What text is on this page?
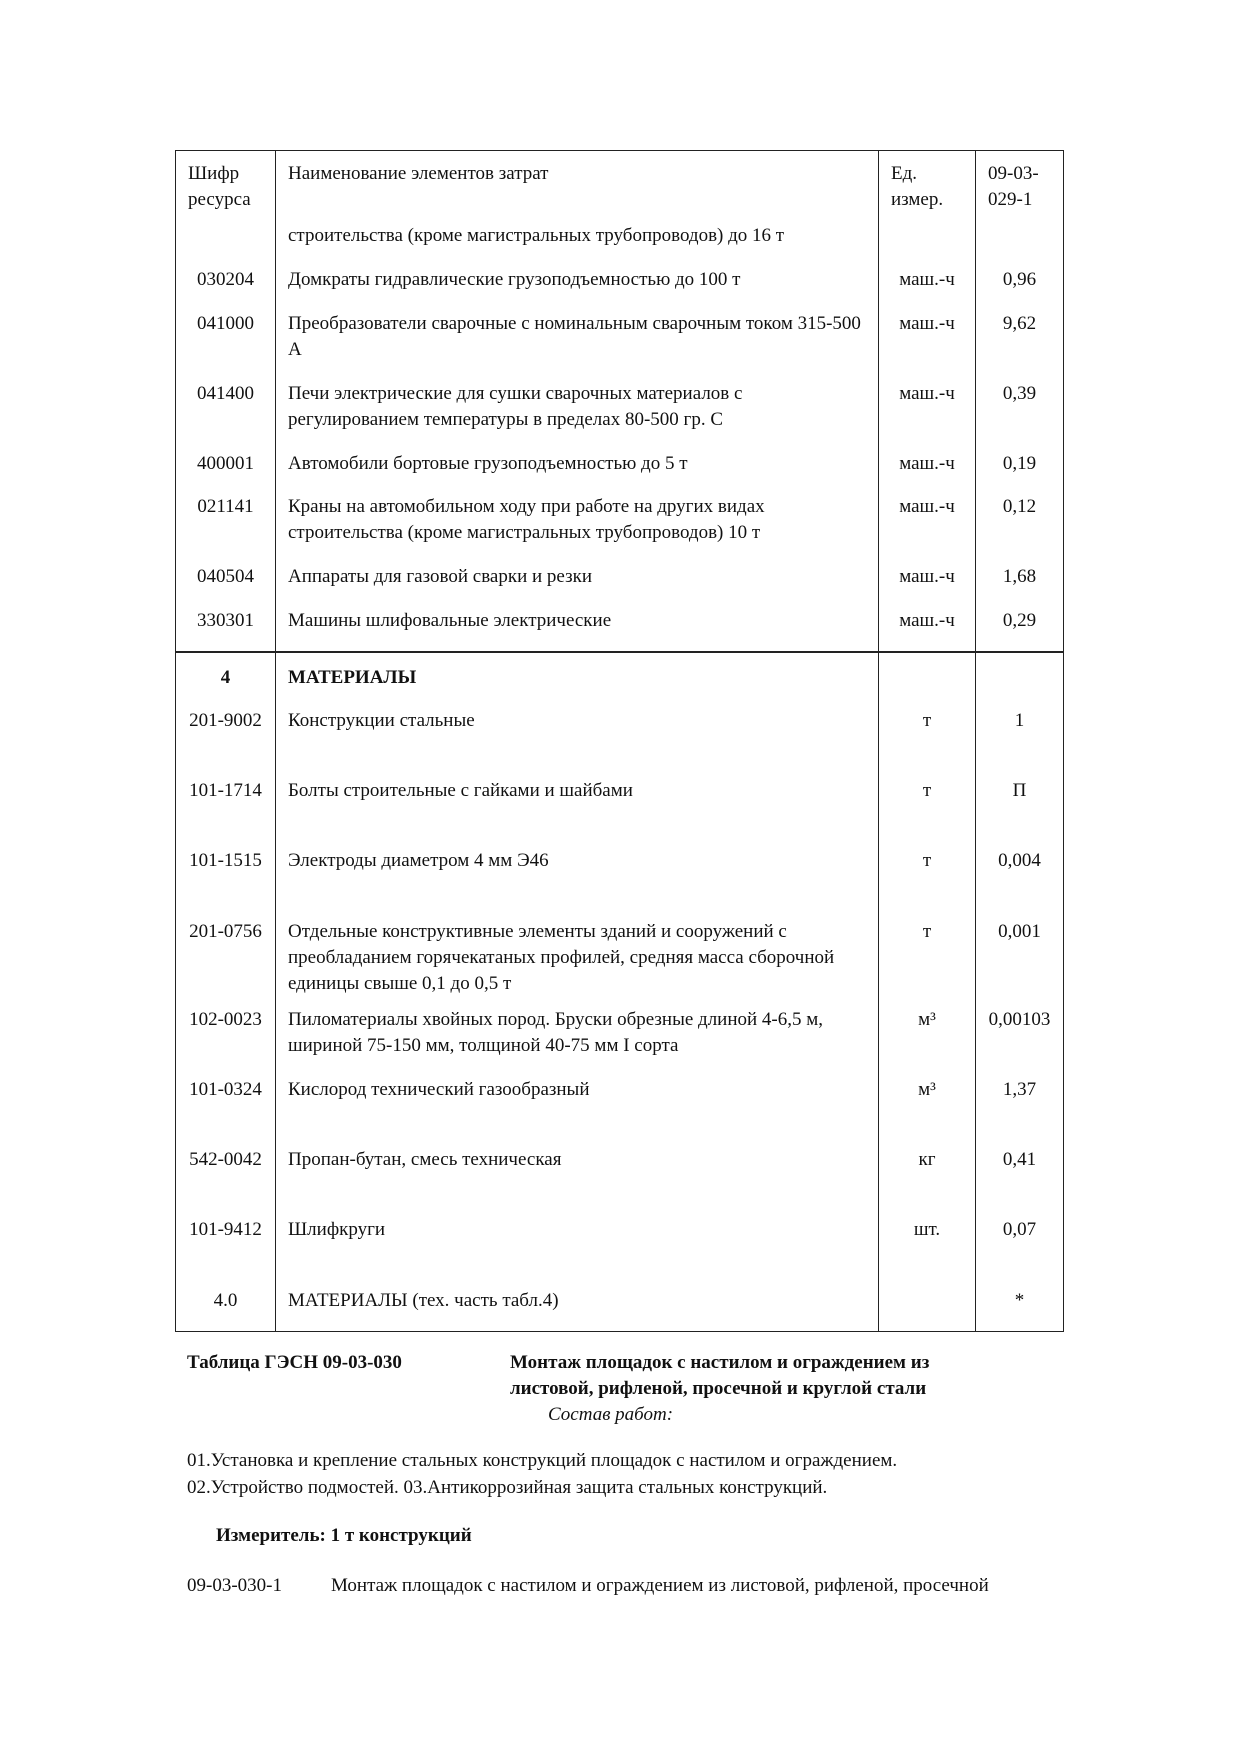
Шифр ресурса	Наименование элементов затрат	Ед. измер.	09-03-029-1
	строительства (кроме магистральных трубопроводов) до 16 т		
030204	Домкраты гидравлические грузоподъемностью до 100 т	маш.-ч	0,96
041000	Преобразователи сварочные с номинальным сварочным током 315-500 А	маш.-ч	9,62
041400	Печи электрические для сушки сварочных материалов с регулированием температуры в пределах 80-500 гр. С	маш.-ч	0,39
400001	Автомобили бортовые грузоподъемностью до 5 т	маш.-ч	0,19
021141	Краны на автомобильном ходу при работе на других видах строительства (кроме магистральных трубопроводов) 10 т	маш.-ч	0,12
040504	Аппараты для газовой сварки и резки	маш.-ч	1,68
330301	Машины шлифовальные электрические	маш.-ч	0,29
4	МАТЕРИАЛЫ		
201-9002	Конструкции стальные	т	1
101-1714	Болты строительные с гайками и шайбами	т	П
101-1515	Электроды диаметром 4 мм Э46	т	0,004
201-0756	Отдельные конструктивные элементы зданий и сооружений с преобладанием горячекатаных профилей, средняя масса сборочной единицы свыше 0,1 до 0,5 т	т	0,001
102-0023	Пиломатериалы хвойных пород. Бруски обрезные длиной 4-6,5 м, шириной 75-150 мм, толщиной 40-75 мм I сорта	м³	0,00103
101-0324	Кислород технический газообразный	м³	1,37
542-0042	Пропан-бутан, смесь техническая	кг	0,41
101-9412	Шлифкруги	шт.	0,07
4.0	МАТЕРИАЛЫ (тех. часть табл.4)		*
Таблица ГЭСН 09-03-030	Монтаж площадок с настилом и ограждением из листовой, рифленой, просечной и круглой стали
Состав работ:
01.Установка и крепление стальных конструкций площадок с настилом и ограждением.
02.Устройство подмостей. 03.Антикоррозийная защита стальных конструкций.
Измеритель: 1 т конструкций
09-03-030-1	Монтаж площадок с настилом и ограждением из листовой, рифленой, просечной
